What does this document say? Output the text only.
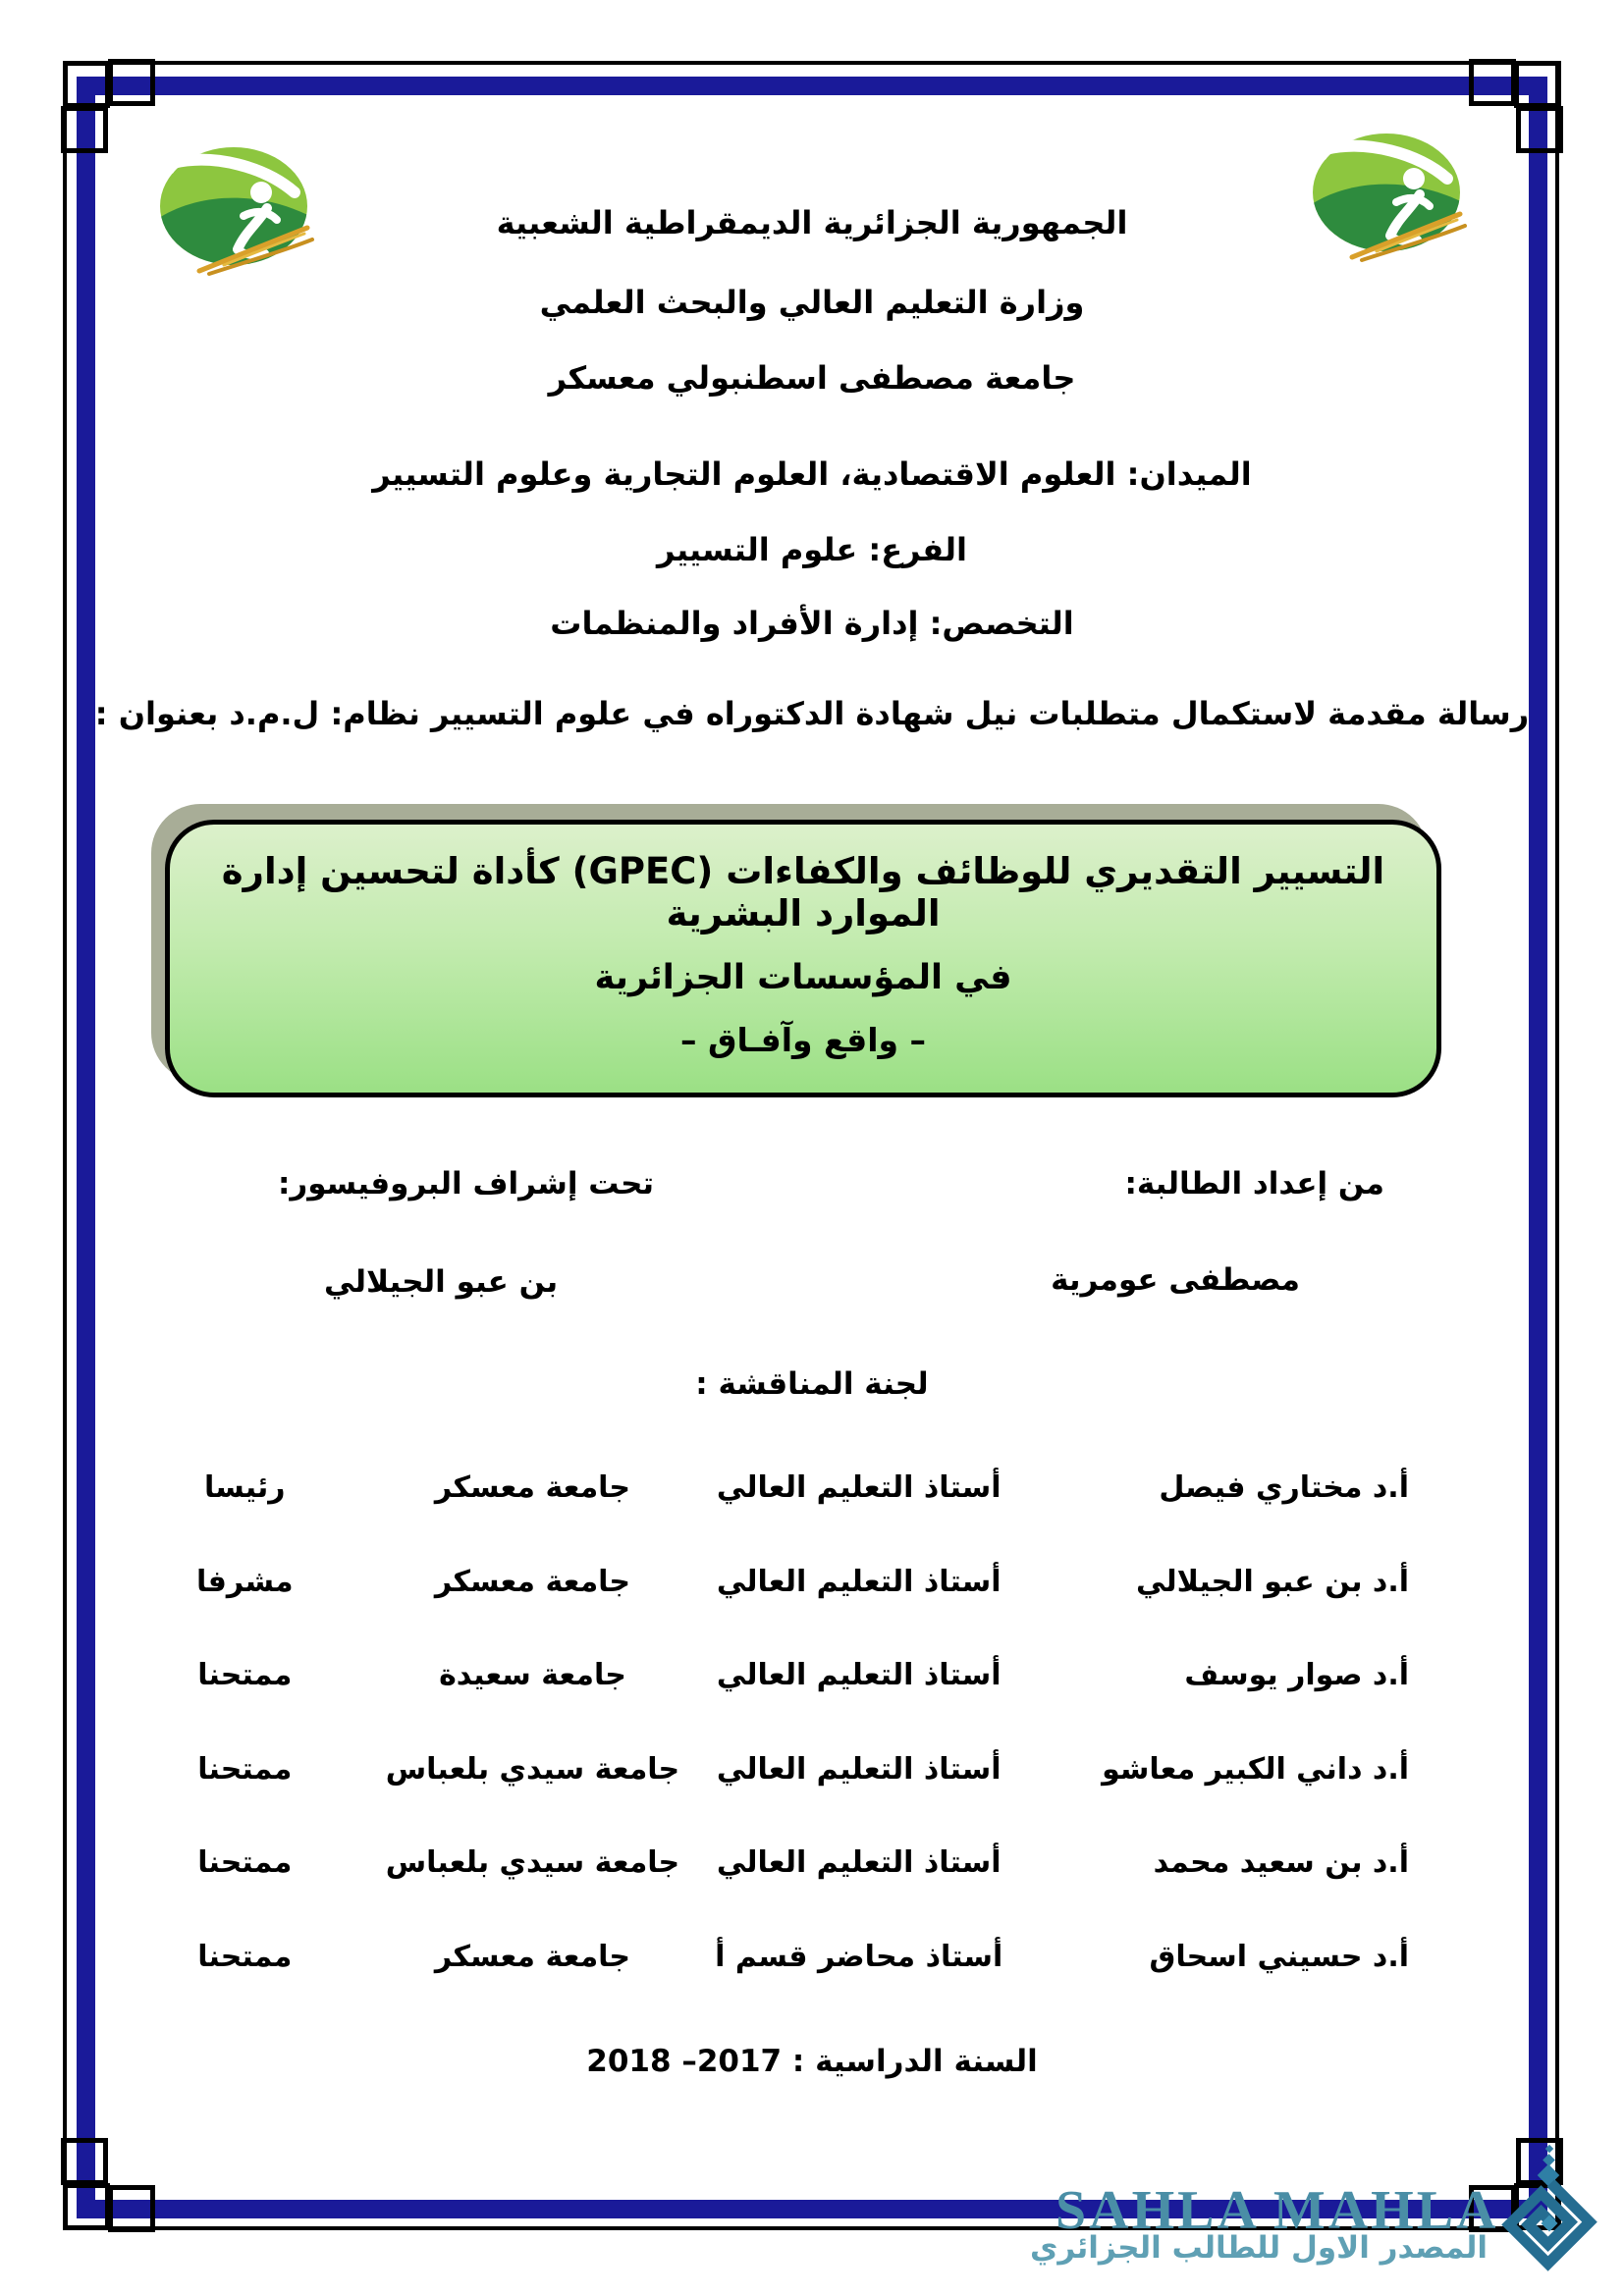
الجمهورية الجزائرية الديمقراطية الشعبية
وزارة التعليم العالي والبحث العلمي
جامعة مصطفى اسطنبولي معسكر
الميدان: العلوم الاقتصادية، العلوم التجارية وعلوم التسيير
الفرع: علوم التسيير
التخصص: إدارة الأفراد والمنظمات
رسالة مقدمة لاستكمال متطلبات نيل شهادة الدكتوراه في علوم التسيير نظام: ل.م.د بعنوان :
التسيير التقديري للوظائف والكفاءات (GPEC) كأداة لتحسين إدارة الموارد البشرية
في المؤسسات الجزائرية
– واقع وآفـاق –
من إعداد الطالبة:
مصطفى عومرية
تحت إشراف البروفيسور:
بن عبو الجيلالي
لجنة المناقشة :
أ.د مختاري فيصل
أستاذ التعليم العالي
جامعة معسكر
رئيسا
أ.د بن عبو الجيلالي
أستاذ التعليم العالي
جامعة معسكر
مشرفا
أ.د صوار يوسف
أستاذ التعليم العالي
جامعة سعيدة
ممتحنا
أ.د داني الكبير معاشو
أستاذ التعليم العالي
جامعة سيدي بلعباس
ممتحنا
أ.د بن سعيد محمد
أستاذ التعليم العالي
جامعة سيدي بلعباس
ممتحنا
أ.د حسيني اسحاق
أستاذ محاضر قسم أ
جامعة معسكر
ممتحنا
السنة الدراسية : 2017– 2018
SAHLA MAHLA
المصدر الاول للطالب الجزائري
